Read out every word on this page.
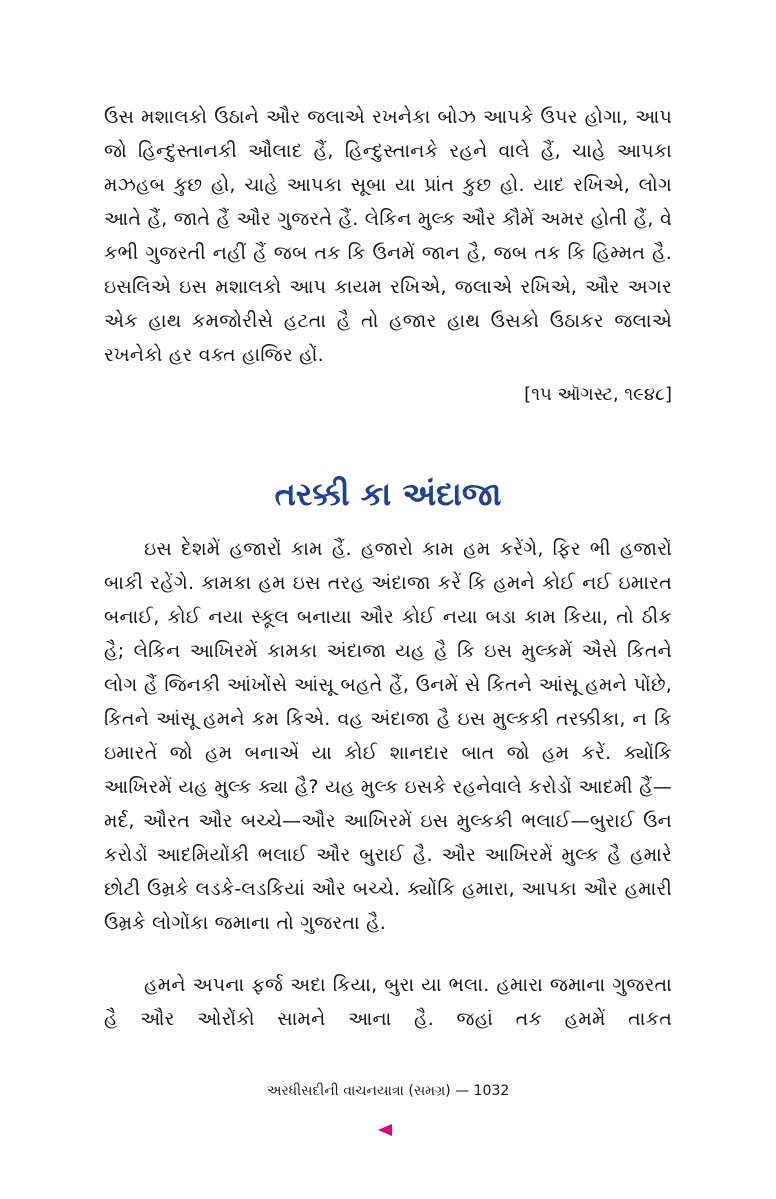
ઉસ મશાલકો ઉઠાને ઔર જલાએ રખનેકા બોઝ આપકે ઉપર હોગા, આપ જો હિન્દુસ્તાનકી ઔલાદ હૈં, હિન્દુસ્તાનકે રહને વાલે હૈં, ચાહે આપકા મઝહબ કુછ હો, ચાહે આપકા સૂબા યા પ્રાંત કુછ હો. યાદ રખિએ, લોગ આતે હૈં, જાતે હૈં ઔર ગુજરતે હૈં. લેકિન મુલ્ક ઔર કૌમેં અમર હોતી હૈં, વે કભી ગુજરતી નહીં હૈં જબ તક કિ ઉનમેં જાન હૈ, જબ તક કિ હિમ્મત હૈ. ઇસલિએ ઇસ મશાલકો આપ કાયમ રખિએ, જલાએ રખિએ, ઔર અગર એક હાથ કમજોરીસે હટતા હૈ તો હજાર હાથ ઉસકો ઉઠાકર જલાએ રખનેકો હર વક્ત હાજિર હોં.

[૧૫ ઑગસ્ટ, ૧૯૪૮]
તરક્કી કા અંદાજા

ઇસ દેશમેં હજારોં કામ હૈં. હજારો કામ હમ કરેંગે, ફિર ભી હજારોં બાકી રહેંગે. કામકા હમ ઇસ તરહ અંદાજા કરેં કિ હમને કોઈ નઈ ઇમારત બનાઈ, કોઈ નયા સ્કૂલ બનાયા ઔર કોઈ નયા બડા કામ કિયા, તો ઠીક હૈ; લેકિન આખિરમેં કામકા અંદાજા યહ હૈ કિ ઇસ મુલ્કમેં ઐસે કિતને લોગ હૈં જિનકી આંખોંસે આંસૂ બહતે હૈં, ઉનમેં સે કિતને આંસૂ હમને પોંછે, કિતને આંસૂ હમને કમ કિએ. વહ અંદાજા હૈ ઇસ મુલ્કકી તરક્કીકા, ન કિ ઇમારતેં જો હમ બનાએં યા કોઈ શાનદાર બાત જો હમ કરેં. ક્યોંકિ આખિરમેં યહ મુલ્ક ક્યા હૈ? યહ મુલ્ક ઇસકે રહનેવાલે કરોડોં આદમી હૈં—મર્દ, ઔરત ઔર બચ્ચે—ઔર આખિરમેં ઇસ મુલ્કકી ભલાઈ—બુરાઈ ઉન કરોડોં આદમિયોંકી ભલાઈ ઔર બુરાઈ હૈ. ઔર આખિરમેં મુલ્ક હૈ હમારે છોટી ઉમ્રકે લડકે-લડકિયાં ઔર બચ્ચે. ક્યોંકિ હમારા, આપકા ઔર હમારી ઉમ્રકે લોગોંકા જમાના તો ગુજરતા હૈ.

હમને અપના ફર્જ અદા કિયા, બુરા યા ભલા. હમારા જમાના ગુજરતા હૈ ઔર ઓરોંકો સામને આના હૈ. જહાં તક હમમેં તાકત

અરધીસદીની વાચનયાત્રા (સમગ્ર) — 1032
